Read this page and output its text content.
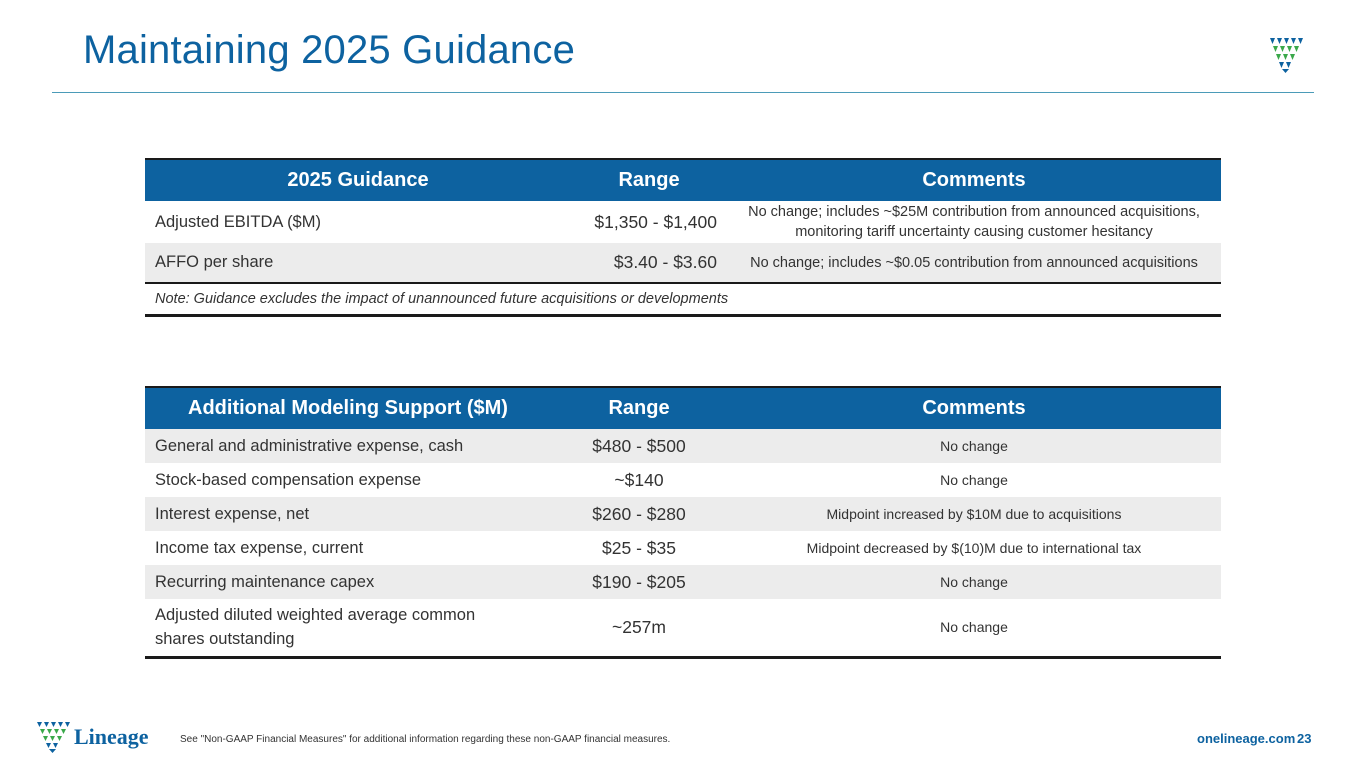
Maintaining 2025 Guidance
2025 Guidance	Range	Comments
Adjusted EBITDA ($M)	$1,350 - $1,400	No change; includes ~$25M contribution from announced acquisitions,
monitoring tariff uncertainty causing customer hesitancy

AFFO per share	$3.40 - $3.60	No change; includes ~$0.05 contribution from announced acquisitions
Note: Guidance excludes the impact of unannounced future acquisitions or developments		
Additional Modeling Support ($M)	Range	Comments
General and administrative expense, cash	$480 - $500	No change
Stock-based compensation expense	~$140	No change
Interest expense, net	$260 - $280	Midpoint increased by $10M due to acquisitions
Income tax expense, current	$25 - $35	Midpoint decreased by $(10)M due to international tax
Recurring maintenance capex	$190 - $205	No change

Adjusted diluted weighted average common
shares outstanding	~257m	No change
Lineage	See "Non-GAAP Financial Measures" for additional information regarding these non-GAAP financial measures.	onelineage.com 23
